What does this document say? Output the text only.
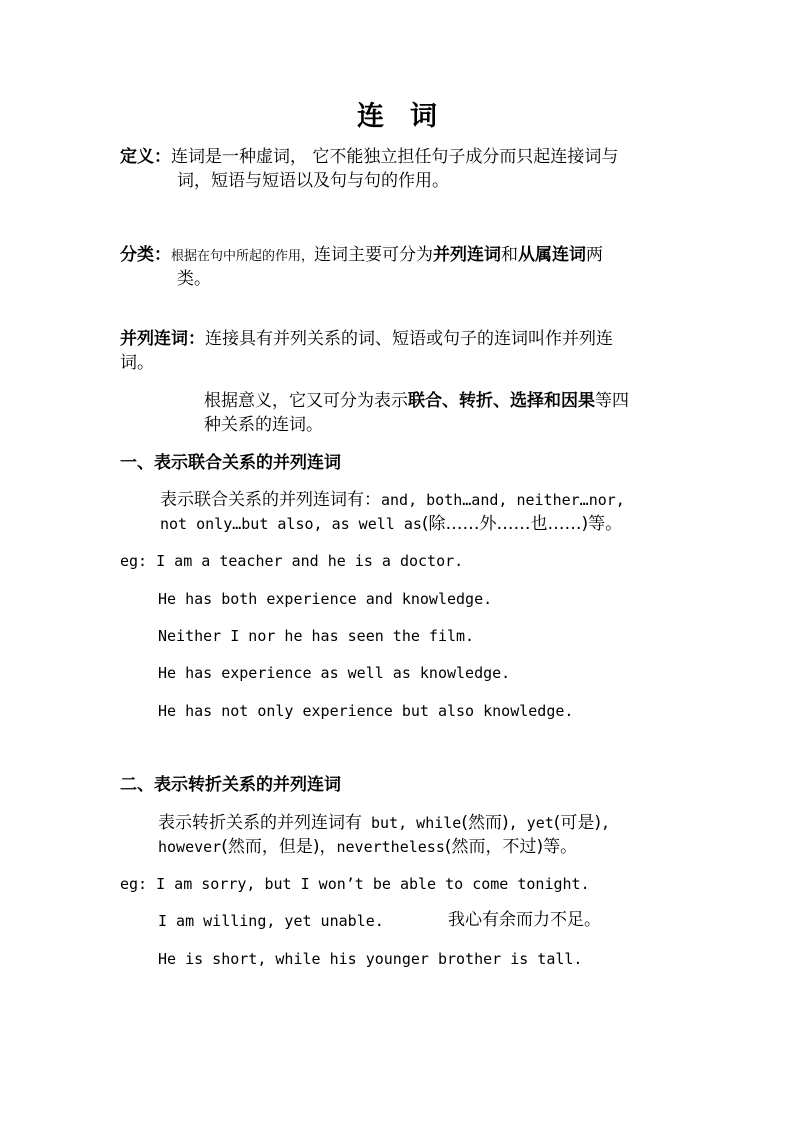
连 词
定义：连词是一种虚词， 它不能独立担任句子成分而只起连接词与
词，短语与短语以及句与句的作用。
分类：根据在句中所起的作用，连词主要可分为并列连词和从属连词两
类。
并列连词：连接具有并列关系的词、短语或句子的连词叫作并列连
词。
根据意义，它又可分为表示联合、转折、选择和因果等四
种关系的连词。
一、表示联合关系的并列连词
表示联合关系的并列连词有：and, both…and, neither…nor,
not only…but also, as well as(除……外……也……)等。
eg: I am a teacher and he is a doctor.
He has both experience and knowledge.
Neither I nor he has seen the film.
He has experience as well as knowledge.
He has not only experience but also knowledge.
二、表示转折关系的并列连词
表示转折关系的并列连词有 but, while(然而), yet(可是),
however(然而，但是)，nevertheless(然而，不过)等。
eg: I am sorry, but I won’t be able to come tonight.
I am willing, yet unable.	我心有余而力不足。
He is short, while his younger brother is tall.
